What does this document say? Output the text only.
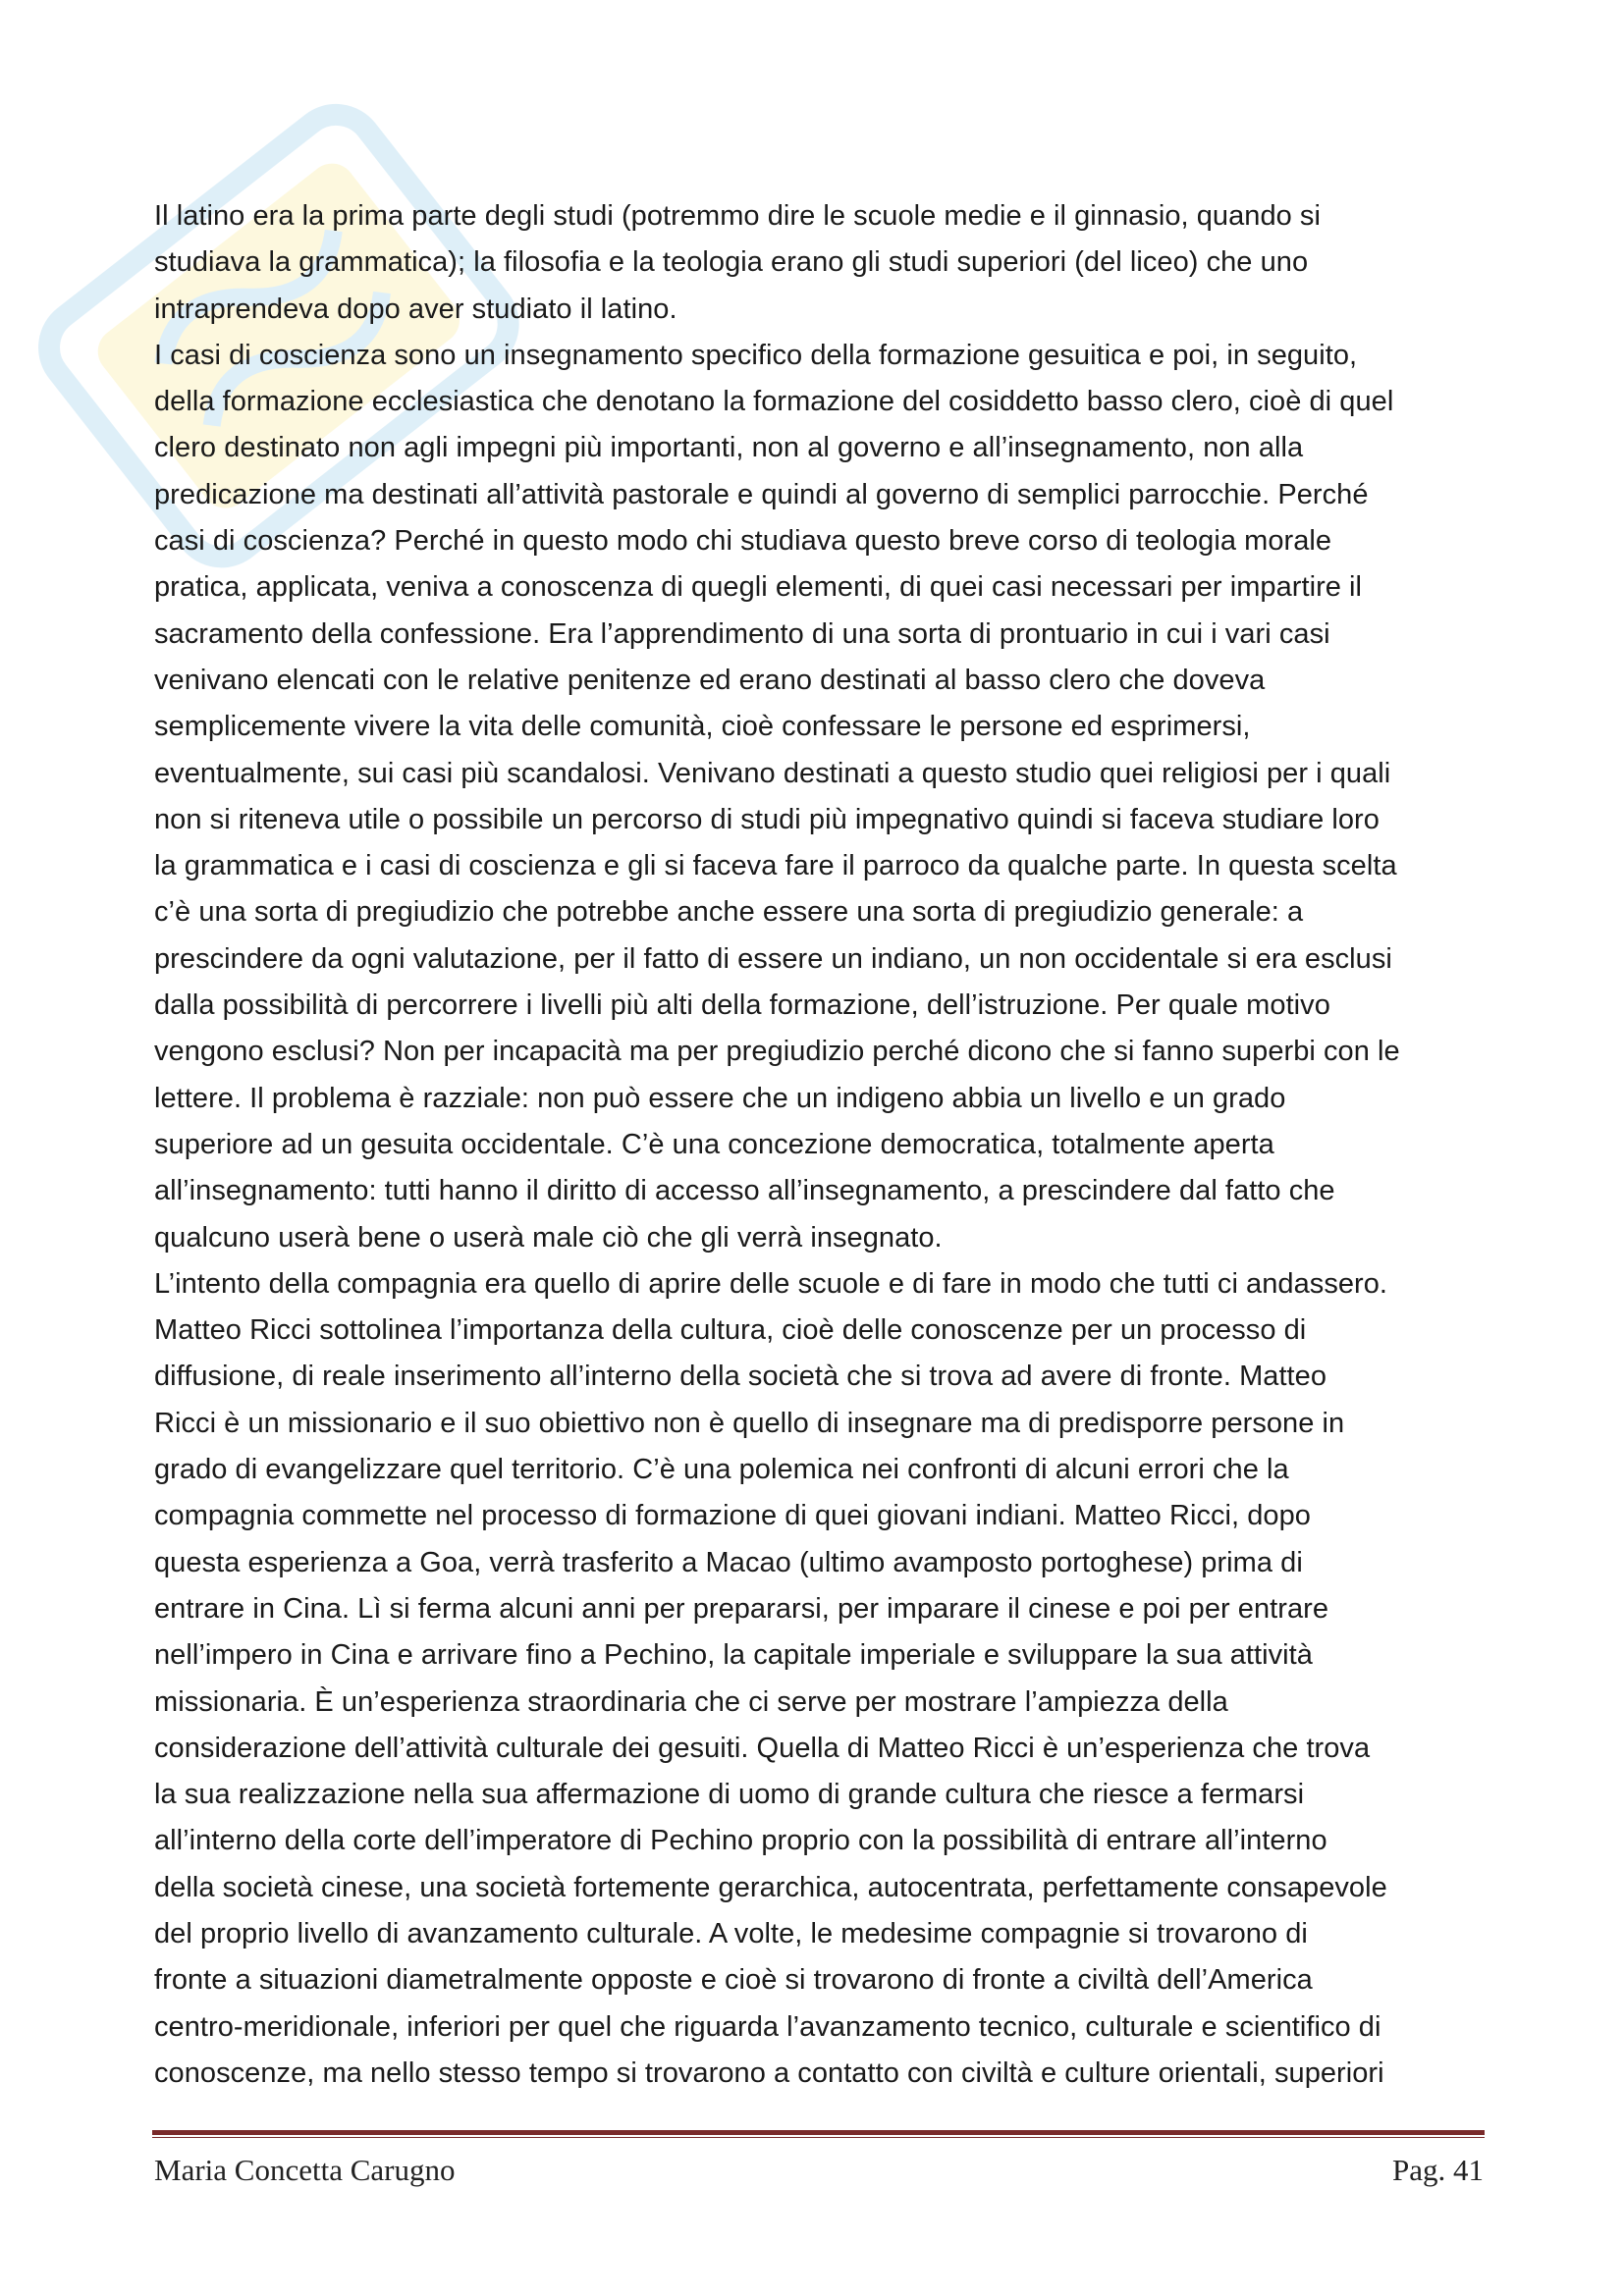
Il latino era la prima parte degli studi (potremmo dire le scuole medie e il ginnasio, quando si
studiava la grammatica); la filosofia e la teologia erano gli studi superiori (del liceo) che uno
intraprendeva dopo aver studiato il latino.
I casi di coscienza sono un insegnamento specifico della formazione gesuitica e poi, in seguito,
della formazione ecclesiastica che denotano la formazione del cosiddetto basso clero, cioè di quel
clero destinato non agli impegni più importanti, non al governo e all’insegnamento, non alla
predicazione ma destinati all’attività pastorale e quindi al governo di semplici parrocchie. Perché
casi di coscienza? Perché in questo modo chi studiava questo breve corso di teologia morale
pratica, applicata, veniva a conoscenza di quegli elementi, di quei casi necessari per impartire il
sacramento della confessione. Era l’apprendimento di una sorta di prontuario in cui i vari casi
venivano elencati con le relative penitenze ed erano destinati al basso clero che doveva
semplicemente vivere la vita delle comunità, cioè confessare le persone ed esprimersi,
eventualmente, sui casi più scandalosi. Venivano destinati a questo studio quei religiosi per i quali
non si riteneva utile o possibile un percorso di studi più impegnativo quindi si faceva studiare loro
la grammatica e i casi di coscienza e gli si faceva fare il parroco da qualche parte. In questa scelta
c’è una sorta di pregiudizio che potrebbe anche essere una sorta di pregiudizio generale: a
prescindere da ogni valutazione, per il fatto di essere un indiano, un non occidentale si era esclusi
dalla possibilità di percorrere i livelli più alti della formazione, dell’istruzione. Per quale motivo
vengono esclusi? Non per incapacità ma per pregiudizio perché dicono che si fanno superbi con le
lettere. Il problema è razziale: non può essere che un indigeno abbia un livello e un grado
superiore ad un gesuita occidentale. C’è una concezione democratica, totalmente aperta
all’insegnamento: tutti hanno il diritto di accesso all’insegnamento, a prescindere dal fatto che
qualcuno userà bene o userà male ciò che gli verrà insegnato.
L’intento della compagnia era quello di aprire delle scuole e di fare in modo che tutti ci andassero.
Matteo Ricci sottolinea l’importanza della cultura, cioè delle conoscenze per un processo di
diffusione, di reale inserimento all’interno della società che si trova ad avere di fronte. Matteo
Ricci è un missionario e il suo obiettivo non è quello di insegnare ma di predisporre persone in
grado di evangelizzare quel territorio. C’è una polemica nei confronti di alcuni errori che la
compagnia commette nel processo di formazione di quei giovani indiani. Matteo Ricci, dopo
questa esperienza a Goa, verrà trasferito a Macao (ultimo avamposto portoghese) prima di
entrare in Cina. Lì si ferma alcuni anni per prepararsi, per imparare il cinese e poi per entrare
nell’impero in Cina e arrivare fino a Pechino, la capitale imperiale e sviluppare la sua attività
missionaria. È un’esperienza straordinaria che ci serve per mostrare l’ampiezza della
considerazione dell’attività culturale dei gesuiti. Quella di Matteo Ricci è un’esperienza che trova
la sua realizzazione nella sua affermazione di uomo di grande cultura che riesce a fermarsi
all’interno della corte dell’imperatore di Pechino proprio con la possibilità di entrare all’interno
della società cinese, una società fortemente gerarchica, autocentrata, perfettamente consapevole
del proprio livello di avanzamento culturale. A volte, le medesime compagnie si trovarono di
fronte a situazioni diametralmente opposte e cioè si trovarono di fronte a civiltà dell’America
centro-meridionale, inferiori per quel che riguarda l’avanzamento tecnico, culturale e scientifico di
conoscenze, ma nello stesso tempo si trovarono a contatto con civiltà e culture orientali, superiori
Maria Concetta Carugno	Pag. 41
